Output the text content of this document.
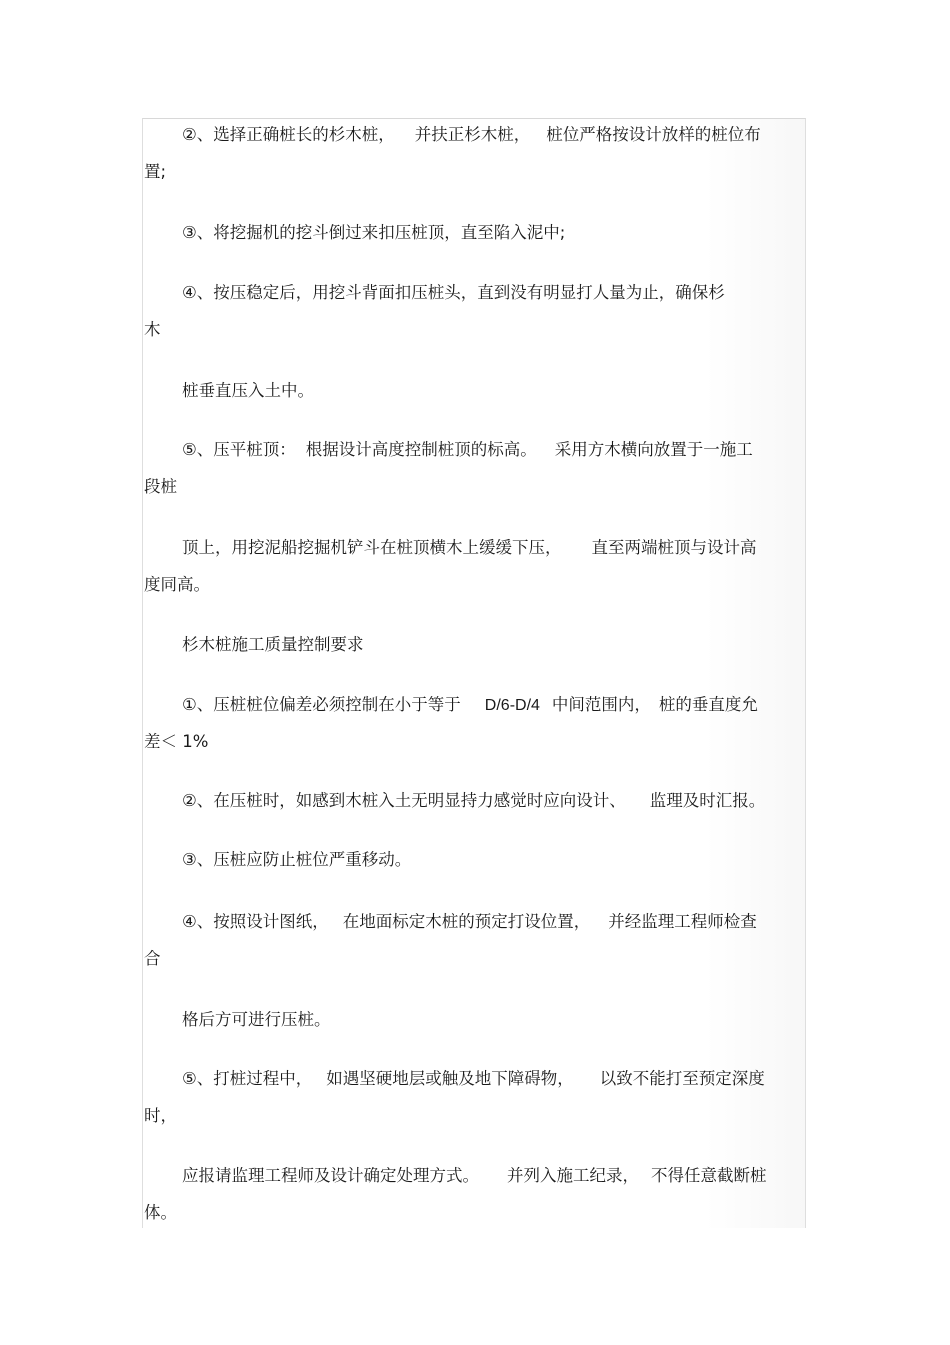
②、选择正确桩长的杉木桩， 并扶正杉木桩， 桩位严格按设计放样的桩位布
置;
③、将挖掘机的挖斗倒过来扣压桩顶，直至陷入泥中;
④、按压稳定后，用挖斗背面扣压桩头，直到没有明显打人量为止，确保杉
木
桩垂直压入土中。
⑤、压平桩顶： 根据设计高度控制桩顶的标高。 采用方木横向放置于一施工
段桩
顶上，用挖泥船挖掘机铲斗在桩顶横木上缓缓下压， 直至两端桩顶与设计高
度同高。
杉木桩施工质量控制要求
①、压桩桩位偏差必须控制在小于等于 D/6-D/4 中间范围内， 桩的垂直度允
差＜ 1%
②、在压桩时，如感到木桩入土无明显持力感觉时应向设计、 监理及时汇报。
③、压桩应防止桩位严重移动。
④、按照设计图纸， 在地面标定木桩的预定打设位置， 并经监理工程师检查
合
格后方可进行压桩。
⑤、打桩过程中， 如遇坚硬地层或触及地下障碍物， 以致不能打至预定深度
时，
应报请监理工程师及设计确定处理方式。 并列入施工纪录， 不得任意截断桩
体。
